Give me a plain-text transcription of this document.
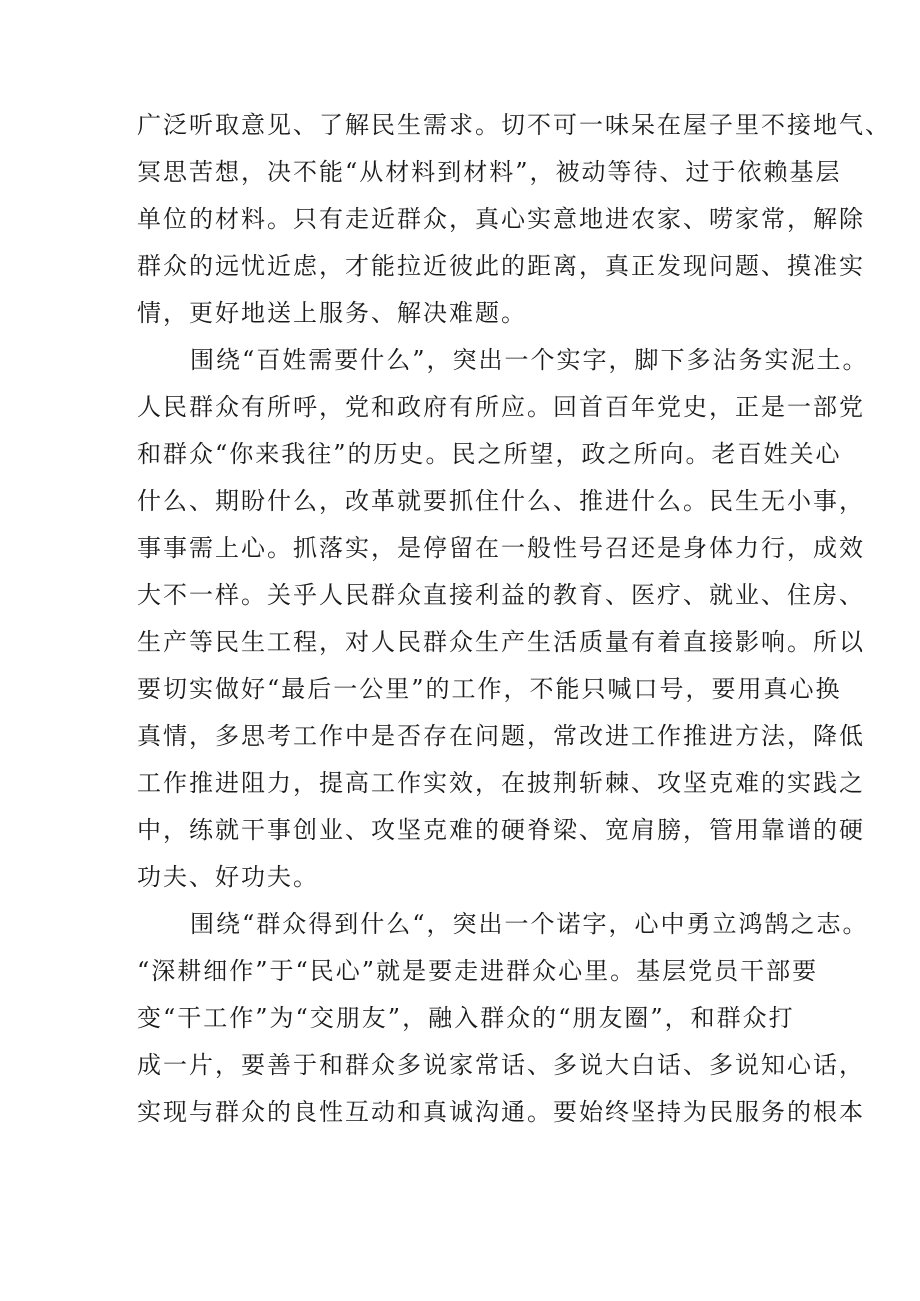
广泛听取意见、了解民生需求。切不可一味呆在屋子里不接地气、
冥思苦想，决不能“从材料到材料”，被动等待、过于依赖基层
单位的材料。只有走近群众，真心实意地进农家、唠家常，解除
群众的远忧近虑，才能拉近彼此的距离，真正发现问题、摸准实
情，更好地送上服务、解决难题。
围绕“百姓需要什么”，突出一个实字，脚下多沾务实泥土。
人民群众有所呼，党和政府有所应。回首百年党史，正是一部党
和群众“你来我往”的历史。民之所望，政之所向。老百姓关心
什么、期盼什么，改革就要抓住什么、推进什么。民生无小事，
事事需上心。抓落实，是停留在一般性号召还是身体力行，成效
大不一样。关乎人民群众直接利益的教育、医疗、就业、住房、
生产等民生工程，对人民群众生产生活质量有着直接影响。所以
要切实做好“最后一公里”的工作，不能只喊口号，要用真心换
真情，多思考工作中是否存在问题，常改进工作推进方法，降低
工作推进阻力，提高工作实效，在披荆斩棘、攻坚克难的实践之
中，练就干事创业、攻坚克难的硬脊梁、宽肩膀，管用靠谱的硬
功夫、好功夫。
围绕“群众得到什么“，突出一个诺字，心中勇立鸿鹄之志。
“深耕细作”于“民心”就是要走进群众心里。基层党员干部要
变“干工作”为“交朋友”，融入群众的“朋友圈”，和群众打
成一片，要善于和群众多说家常话、多说大白话、多说知心话，
实现与群众的良性互动和真诚沟通。要始终坚持为民服务的根本
